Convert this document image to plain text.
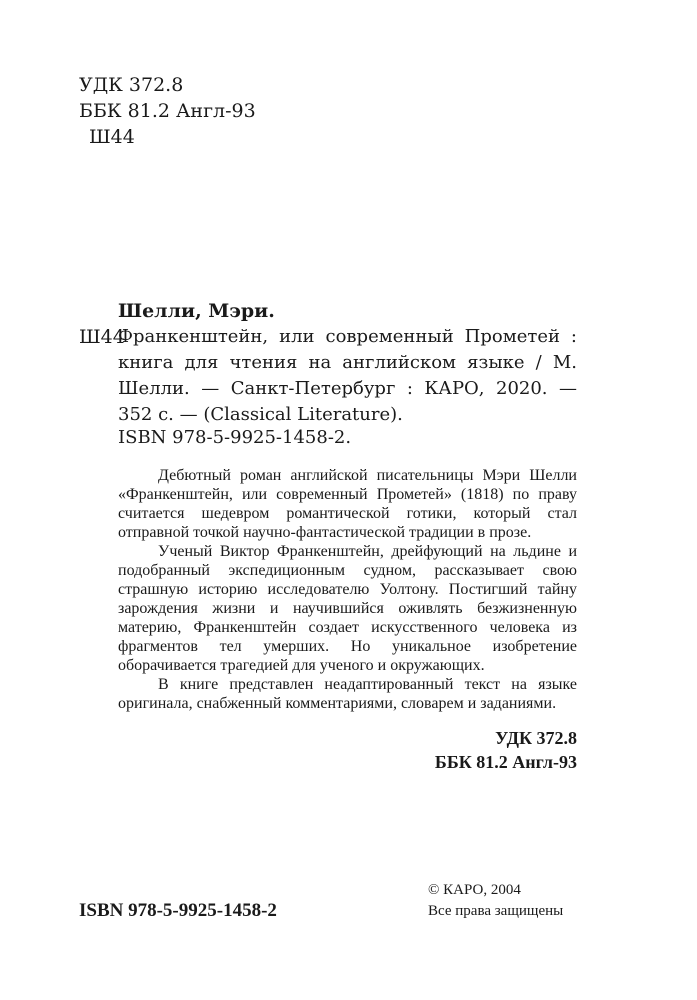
УДК 372.8
ББК 81.2 Англ-93
Ш44
Шелли, Мэри.
Ш44
Франкенштейн, или современный Прометей : книга для чтения на английском языке / М. Шелли. — Санкт-Петербург : КАРО, 2020. — 352 с. — (Classical Literature).
ISBN 978-5-9925-1458-2.

Дебютный роман английской писательницы Мэри Шелли «Франкенштейн, или современный Прометей» (1818) по праву считается шедевром романтической готики, который стал отправной точкой научно-фантастической традиции в прозе.

Ученый Виктор Франкенштейн, дрейфующий на льдине и подобранный экспедиционным судном, рассказывает свою страшную историю исследователю Уолтону. Постигший тайну зарождения жизни и научившийся оживлять безжизненную материю, Франкенштейн создает искусственного человека из фрагментов тел умерших. Но уникальное изобретение оборачивается трагедией для ученого и окружающих.

В книге представлен неадаптированный текст на языке оригинала, снабженный комментариями, словарем и заданиями.

УДК 372.8
ББК 81.2 Англ-93
ISBN 978-5-9925-1458-2
© КАРО, 2004
Все права защищены
